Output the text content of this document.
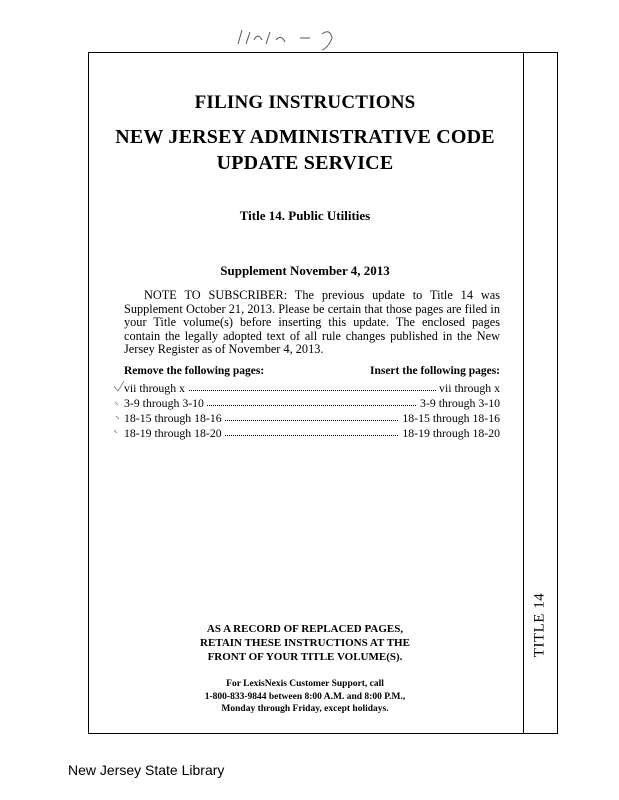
TITLE 14
FILING INSTRUCTIONS
NEW JERSEY ADMINISTRATIVE CODE
UPDATE SERVICE
Title 14. Public Utilities
Supplement November 4, 2013
NOTE TO SUBSCRIBER: The previous update to Title 14 was Supplement October 21, 2013. Please be certain that those pages are filed in your Title volume(s) before inserting this update. The enclosed pages contain the legally adopted text of all rule changes published in the New Jersey Register as of November 4, 2013.
Remove the following pages:	Insert the following pages:
vii through x	vii through x
3-9 through 3-10	3-9 through 3-10
18-15 through 18-16	18-15 through 18-16
18-19 through 18-20	18-19 through 18-20
AS A RECORD OF REPLACED PAGES,
RETAIN THESE INSTRUCTIONS AT THE
FRONT OF YOUR TITLE VOLUME(S).
For LexisNexis Customer Support, call
1-800-833-9844 between 8:00 A.M. and 8:00 P.M.,
Monday through Friday, except holidays.
New Jersey State Library
